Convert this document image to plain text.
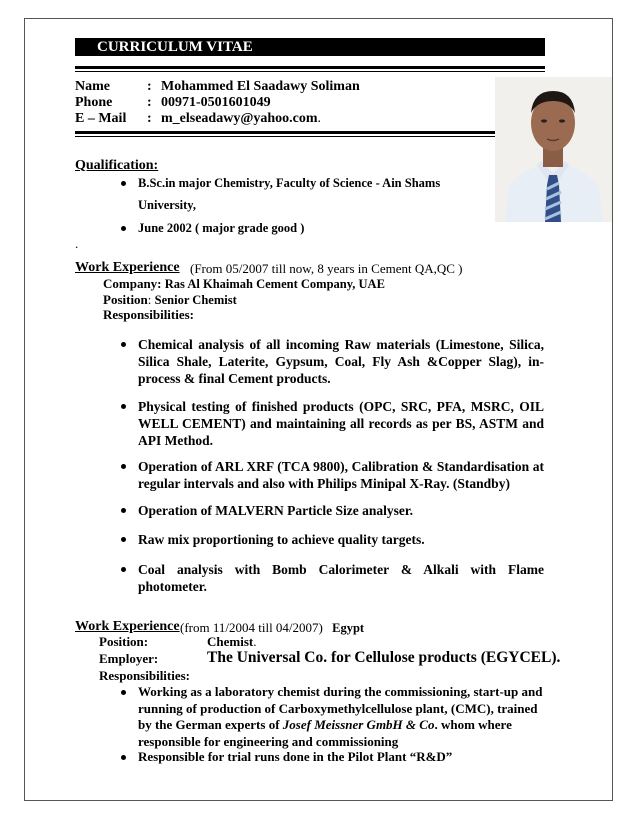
CURRICULUM VITAE
Name	: Mohammed El Saadawy Soliman
Phone : 00971-0501601049
E – Mail : m_elseadawy@yahoo.com.
Qualification:
B.Sc.in major Chemistry, Faculty of Science - Ain Shams
University,
June 2002 ( major grade good )
.
Work Experience (From 05/2007 till now, 8 years in Cement QA,QC )
Company: Ras Al Khaimah Cement Company, UAE
Position: Senior Chemist
Responsibilities:
Chemical analysis of all incoming Raw materials (Limestone, Silica, Silica Shale, Laterite, Gypsum, Coal, Fly Ash &Copper Slag), in-process & final Cement products.
Physical testing of finished products (OPC, SRC, PFA, MSRC, OIL WELL CEMENT) and maintaining all records as per BS, ASTM and API Method.
Operation of ARL XRF (TCA 9800), Calibration & Standardisation at regular intervals and also with Philips Minipal X-Ray. (Standby)
Operation of MALVERN Particle Size analyser.
Raw mix proportioning to achieve quality targets.
Coal analysis with Bomb Calorimeter & Alkali with Flame photometer.
Work Experience (from 11/2004 till 04/2007) Egypt
Position:	Chemist.
Employer:	The Universal Co. for Cellulose products (EGYCEL).
Responsibilities:
Working as a laboratory chemist during the commissioning, start-up and running of production of Carboxymethylcellulose plant, (CMC), trained by the German experts of Josef Meissner GmbH & Co. whom where responsible for engineering and commissioning
Responsible for trial runs done in the Pilot Plant “R&D”
